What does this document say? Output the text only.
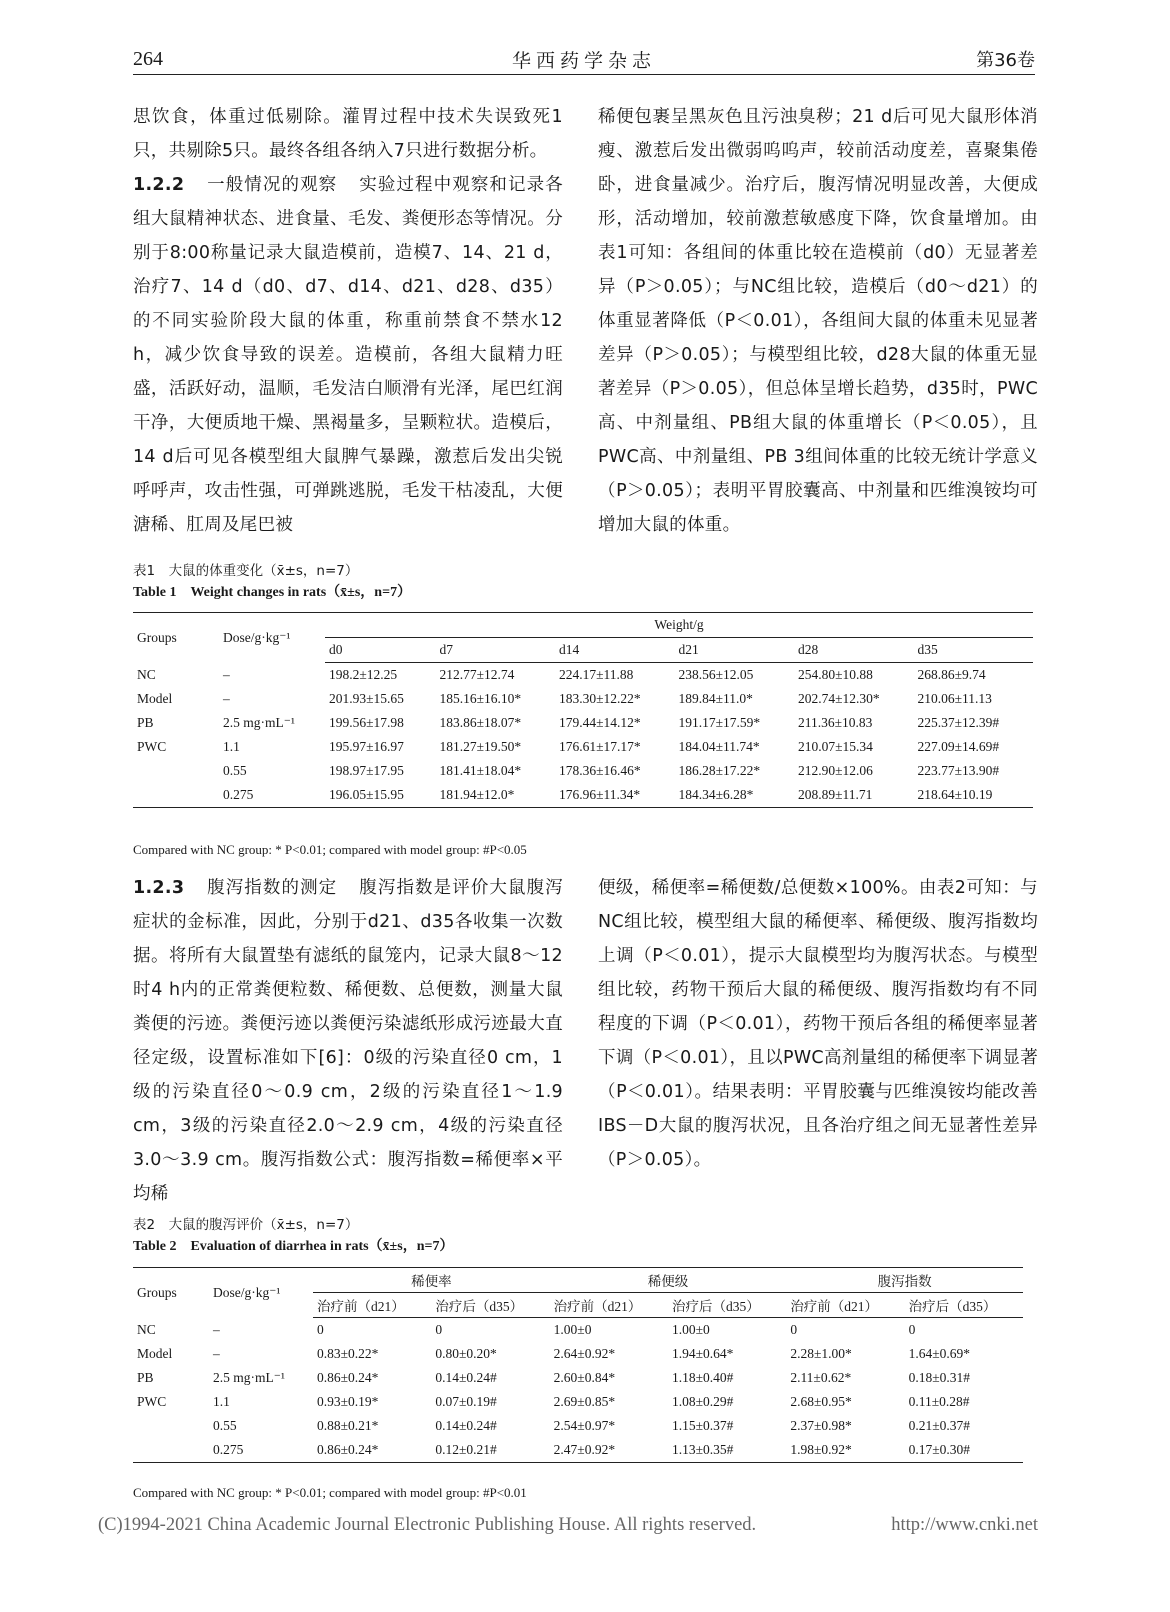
264	华西药学杂志	第36卷

思饮食，体重过低剔除。灌胃过程中技术失误致死1只，共剔除5只。最终各组各纳入7只进行数据分析。

1.2.2 一般情况的观察 实验过程中观察和记录各组大鼠精神状态、进食量、毛发、粪便形态等情况。分别于8:00称量记录大鼠造模前，造模7、14、21 d，治疗7、14 d（d0、d7、d14、d21、d28、d35）的不同实验阶段大鼠的体重，称重前禁食不禁水12 h，减少饮食导致的误差。造模前，各组大鼠精力旺盛，活跃好动，温顺，毛发洁白顺滑有光泽，尾巴红润干净，大便质地干燥、黑褐量多，呈颗粒状。造模后，14 d后可见各模型组大鼠脾气暴躁，激惹后发出尖锐呼呼声，攻击性强，可弹跳逃脱，毛发干枯凌乱，大便溏稀、肛周及尾巴被

稀便包裹呈黑灰色且污浊臭秽；21 d后可见大鼠形体消瘦、激惹后发出微弱呜呜声，较前活动度差，喜聚集倦卧，进食量减少。治疗后，腹泻情况明显改善，大便成形，活动增加，较前激惹敏感度下降，饮食量增加。由表1可知：各组间的体重比较在造模前（d0）无显著差异（P＞0.05）；与NC组比较，造模后（d0～d21）的体重显著降低（P＜0.01），各组间大鼠的体重未见显著差异（P＞0.05）；与模型组比较，d28大鼠的体重无显著差异（P＞0.05），但总体呈增长趋势，d35时，PWC高、中剂量组、PB组大鼠的体重增长（P＜0.05），且PWC高、中剂量组、PB 3组间体重的比较无统计学意义（P＞0.05）；表明平胃胶囊高、中剂量和匹维溴铵均可增加大鼠的体重。

表1　大鼠的体重变化（x̄±s，n=7）
Table 1　Weight changes in rats（x̄±s，n=7）
Groups	Dose/g·kg⁻¹	Weight/g					
		d0	d7	d14	d21	d28	d35
NC	–	198.2±12.25	212.77±12.74	224.17±11.88	238.56±12.05	254.80±10.88	268.86±9.74
Model	–	201.93±15.65	185.16±16.10*	183.30±12.22*	189.84±11.0*	202.74±12.30*	210.06±11.13
PB	2.5 mg·mL⁻¹	199.56±17.98	183.86±18.07*	179.44±14.12*	191.17±17.59*	211.36±10.83	225.37±12.39#
PWC	1.1	195.97±16.97	181.27±19.50*	176.61±17.17*	184.04±11.74*	210.07±15.34	227.09±14.69#
	0.55	198.97±17.95	181.41±18.04*	178.36±16.46*	186.28±17.22*	212.90±12.06	223.77±13.90#
	0.275	196.05±15.95	181.94±12.0*	176.96±11.34*	184.34±6.28*	208.89±11.71	218.64±10.19
Compared with NC group: * P<0.01; compared with model group: #P<0.05

1.2.3 腹泻指数的测定 腹泻指数是评价大鼠腹泻症状的金标准，因此，分别于d21、d35各收集一次数据。将所有大鼠置垫有滤纸的鼠笼内，记录大鼠8～12时4 h内的正常粪便粒数、稀便数、总便数，测量大鼠粪便的污迹。粪便污迹以粪便污染滤纸形成污迹最大直径定级，设置标准如下[6]：0级的污染直径0 cm，1级的污染直径0～0.9 cm，2级的污染直径1～1.9 cm，3级的污染直径2.0～2.9 cm，4级的污染直径3.0～3.9 cm。腹泻指数公式：腹泻指数=稀便率×平均稀

便级，稀便率=稀便数/总便数×100%。由表2可知：与NC组比较，模型组大鼠的稀便率、稀便级、腹泻指数均上调（P＜0.01），提示大鼠模型均为腹泻状态。与模型组比较，药物干预后大鼠的稀便级、腹泻指数均有不同程度的下调（P＜0.01），药物干预后各组的稀便率显著下调（P＜0.01），且以PWC高剂量组的稀便率下调显著（P＜0.01）。结果表明：平胃胶囊与匹维溴铵均能改善IBS－D大鼠的腹泻状况，且各治疗组之间无显著性差异（P＞0.05）。

表2　大鼠的腹泻评价（x̄±s，n=7）
Table 2　Evaluation of diarrhea in rats（x̄±s，n=7）
Groups	Dose/g·kg⁻¹	稀便率		稀便级		腹泻指数	
		治疗前（d21）	治疗后（d35）	治疗前（d21）	治疗后（d35）	治疗前（d21）	治疗后（d35）
NC	–	0	0	1.00±0	1.00±0	0	0
Model	–	0.83±0.22*	0.80±0.20*	2.64±0.92*	1.94±0.64*	2.28±1.00*	1.64±0.69*
PB	2.5 mg·mL⁻¹	0.86±0.24*	0.14±0.24#	2.60±0.84*	1.18±0.40#	2.11±0.62*	0.18±0.31#
PWC	1.1	0.93±0.19*	0.07±0.19#	2.69±0.85*	1.08±0.29#	2.68±0.95*	0.11±0.28#
	0.55	0.88±0.21*	0.14±0.24#	2.54±0.97*	1.15±0.37#	2.37±0.98*	0.21±0.37#
	0.275	0.86±0.24*	0.12±0.21#	2.47±0.92*	1.13±0.35#	1.98±0.92*	0.17±0.30#
Compared with NC group: * P<0.01; compared with model group: #P<0.01
(C)1994-2021 China Academic Journal Electronic Publishing House. All rights reserved.	http://www.cnki.net
